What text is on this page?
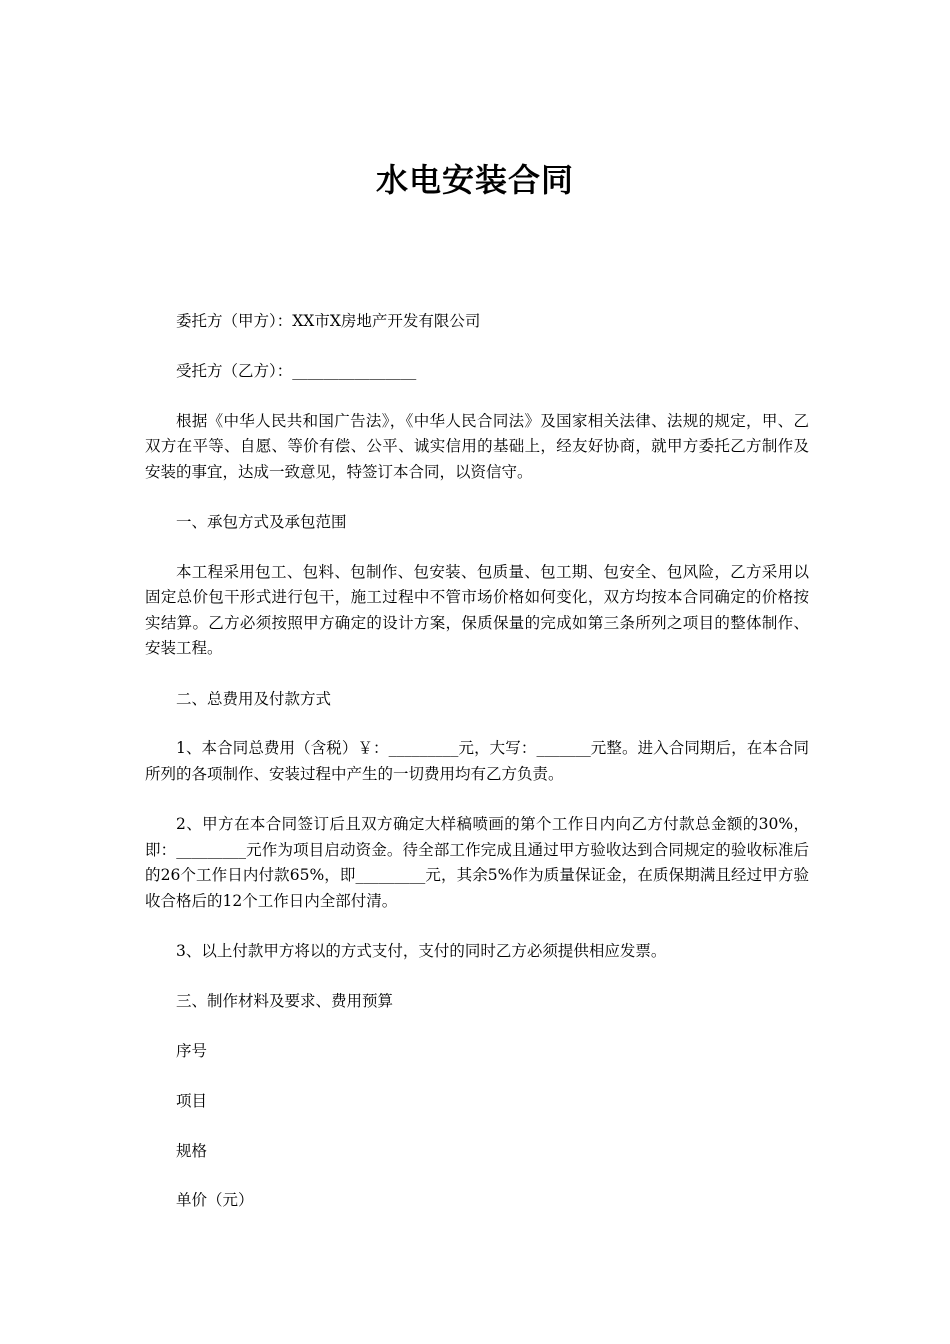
水电安装合同

委托方（甲方）：XX市X房地产开发有限公司

受托方（乙方）：________________

根据《中华人民共和国广告法》，《中华人民合同法》及国家相关法律、法规的规定，甲、乙双方在平等、自愿、等价有偿、公平、诚实信用的基础上，经友好协商，就甲方委托乙方制作及安装的事宜，达成一致意见，特签订本合同，以资信守。

一、承包方式及承包范围

本工程采用包工、包料、包制作、包安装、包质量、包工期、包安全、包风险，乙方采用以固定总价包干形式进行包干，施工过程中不管市场价格如何变化，双方均按本合同确定的价格按实结算。乙方必须按照甲方确定的设计方案，保质保量的完成如第三条所列之项目的整体制作、安装工程。

二、总费用及付款方式

1、本合同总费用（含税）￥：_________元，大写：_______元整。进入合同期后，在本合同所列的各项制作、安装过程中产生的一切费用均有乙方负责。

2、甲方在本合同签订后且双方确定大样稿喷画的第个工作日内向乙方付款总金额的30%，即：_________元作为项目启动资金。待全部工作完成且通过甲方验收达到合同规定的验收标准后的26个工作日内付款65%，即_________元，其余5%作为质量保证金，在质保期满且经过甲方验收合格后的12个工作日内全部付清。

3、以上付款甲方将以的方式支付，支付的同时乙方必须提供相应发票。

三、制作材料及要求、费用预算

序号

项目

规格

单价（元）
